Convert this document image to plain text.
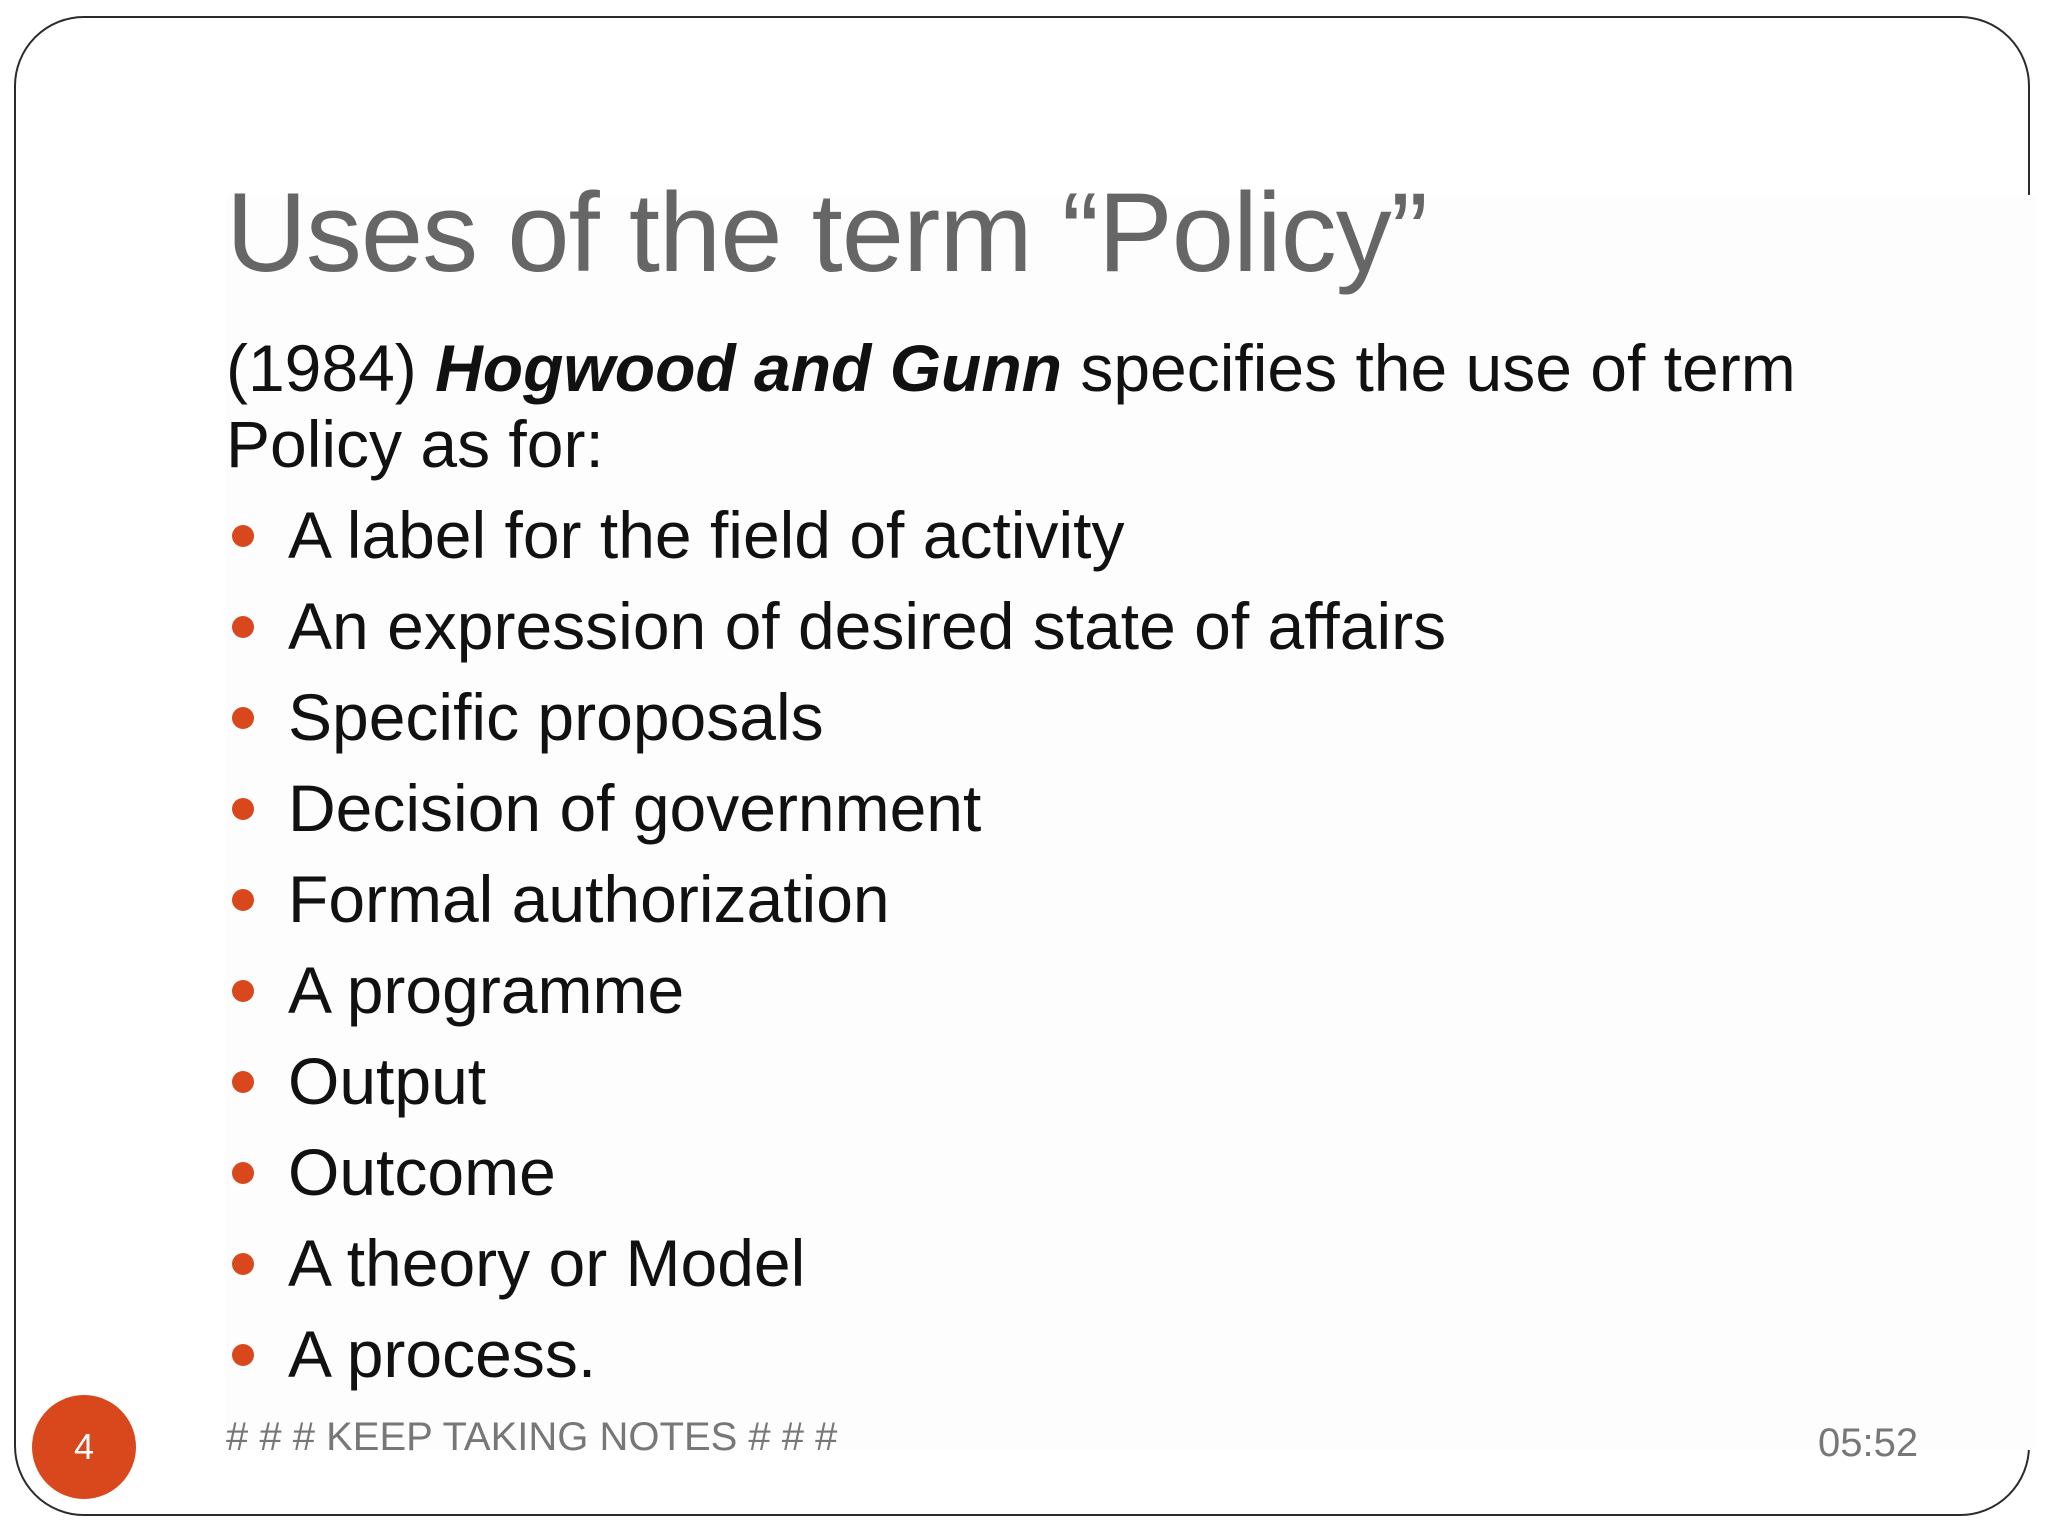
Uses of the term “Policy”
(1984) Hogwood and Gunn specifies the use of term Policy as for:
A label for the field of activity
An expression of desired state of affairs
Specific proposals
Decision of government
Formal authorization
A programme
Output
Outcome
A theory or Model
A process.
4	# # # KEEP TAKING NOTES # # #	05:52
